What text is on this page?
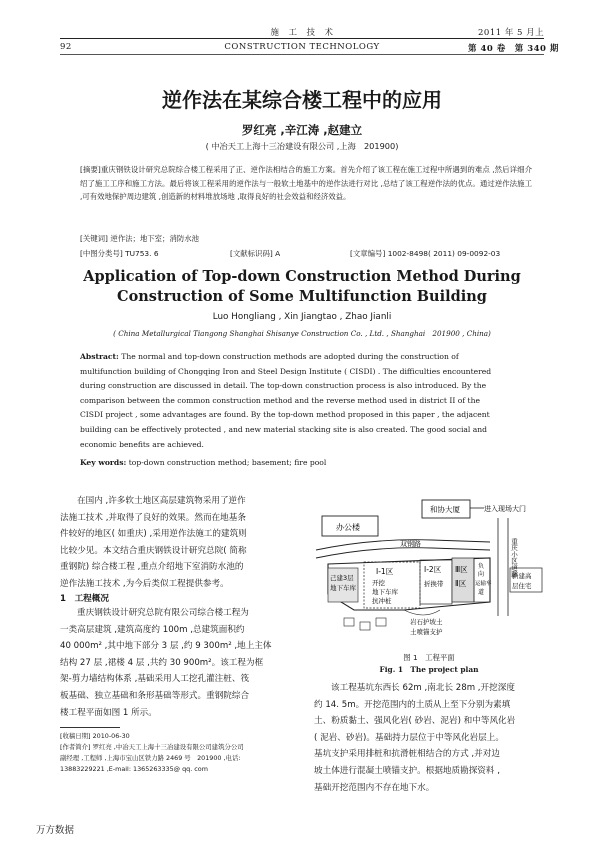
施　工　技　术	2011 年 5 月上
92	CONSTRUCTION TECHNOLOGY	第 40 卷　第 340 期
逆作法在某综合楼工程中的应用
罗红亮 ,辛江涛 ,赵建立
( 中冶天工上海十三冶建设有限公司 ,上海　201900)
[摘要]重庆钢铁设计研究总院综合楼工程采用了正、逆作法相结合的施工方案。首先介绍了该工程在施工过程中所遇到的难点 ,然后详细介绍了施工工序和施工方法。最后将该工程采用的逆作法与一般软土地基中的逆作法进行对比 ,总结了该工程逆作法的优点。通过逆作法施工 ,可有效地保护周边建筑 ,创造新的材料堆放场地 ,取得良好的社会效益和经济效益。
[关键词] 逆作法；地下室；消防水池
[中图分类号] TU753. 6	[文献标识码] A	[文章编号] 1002-8498( 2011) 09-0092-03
Application of Top-down Construction Method During
Construction of Some Multifunction Building
Luo Hongliang , Xin Jiangtao , Zhao Jianli
( China Metallurgical Tiangong Shanghai Shisanye Construction Co. , Ltd. , Shanghai　201900 , China)
Abstract: The normal and top-down construction methods are adopted during the construction of
multifunction building of Chongqing Iron and Steel Design Institute ( CISDI) . The difficulties encountered
during construction are discussed in detail. The top-down construction process is also introduced. By the
comparison between the common construction method and the reverse method used in district II of the
CISDI project , some advantages are found. By the top-down method proposed in this paper , the adjacent
building can be effectively protected , and new material stacking site is also created. The good social and
economic benefits are achieved.
Key words: top-down construction method; basement; fire pool
在国内 ,许多软土地区高层建筑物采用了逆作
法施工技术 ,并取得了良好的效果。然而在地基条
件较好的地区( 如重庆) ,采用逆作法施工的建筑则
比较少见。本文结合重庆钢铁设计研究总院( 简称
重钢院) 综合楼工程 ,重点介绍地下室消防水池的
逆作法施工技术 ,为今后类似工程提供参考。
1　工程概况
重庆钢铁设计研究总院有限公司综合楼工程为
一类高层建筑 ,建筑高度约 100m ,总建筑面积约
40 000m² ,其中地下部分 3 层 ,约 9 300m² ,地上主体
结构 27 层 ,裙楼 4 层 ,共约 30 900m²。该工程为框
架-剪力墙结构体系 ,基础采用人工挖孔灌注桩、筏
板基础、独立基础和条形基础等形式。重钢院综合
楼工程平面如图 1 所示。
[收稿日期] 2010-06-30
[作者简介] 罗红亮 ,中冶天工上海十三冶建设有限公司建筑分公司
副经理 ,工程师 ,上海市宝山区铁力路 2469 号　201900 ,电话:
13883229221 ,E-mail: 1365263335@ qq. com
办公楼
和协大厦	进入现场大门
重庆小区道路
双钢路
己建3层
地下车库
Ⅰ-1区
开挖
地下车库
抗冲桩
Ⅰ-2区
折换带
Ⅲ区
Ⅱ区
负
向
运输车
道
新建高
层住宅
岩石护坡土
土喷锚支护
图 1　工程平面
Fig. 1　The project plan
该工程基坑东西长 62m ,南北长 28m ,开挖深度
约 14. 5m。开挖范围内的土质从上至下分别为素填
土、粉质黏土、强风化岩( 砂岩、泥岩) 和中等风化岩
( 泥岩、砂岩)。基础持力层位于中等风化岩层上。
基坑支护采用排桩和抗滑桩相结合的方式 ,并对边
坡土体进行混凝土喷锚支护。根据地质勘探资料 ,
基础开挖范围内不存在地下水。
万方数据
